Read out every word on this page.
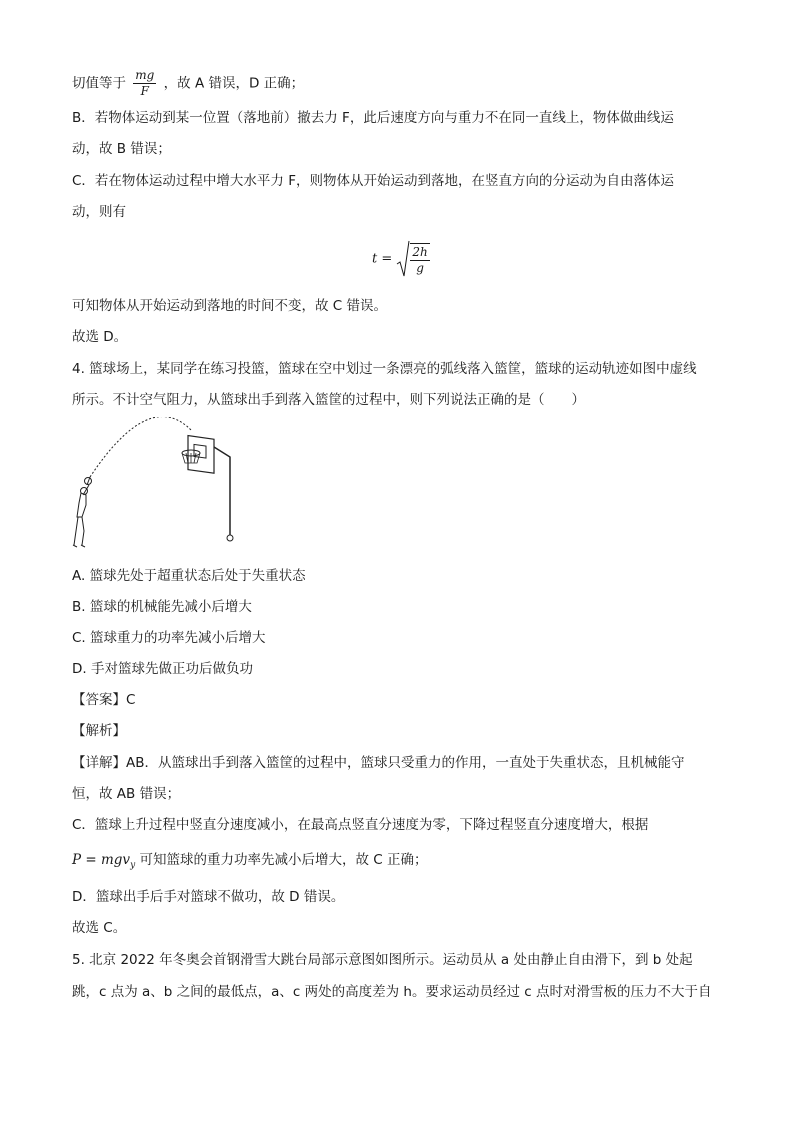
切值等于 $\frac{mg}{F}$ ，故 A 错误，D 正确；
B．若物体运动到某一位置（落地前）撤去力 F，此后速度方向与重力不在同一直线上，物体做曲线运
动，故 B 错误；
C．若在物体运动过程中增大水平力 F，则物体从开始运动到落地，在竖直方向的分运动为自由落体运
动，则有
$t = \frac{2h}{g}$
可知物体从开始运动到落地的时间不变，故 C 错误。
故选 D。
4. 篮球场上，某同学在练习投篮，篮球在空中划过一条漂亮的弧线落入篮筐，篮球的运动轨迹如图中虚线
所示。不计空气阻力，从篮球出手到落入篮筐的过程中，则下列说法正确的是（　　）
A. 篮球先处于超重状态后处于失重状态
B. 篮球的机械能先减小后增大
C. 篮球重力的功率先减小后增大
D. 手对篮球先做正功后做负功
【答案】C
【解析】
【详解】AB．从篮球出手到落入篮筐的过程中，篮球只受重力的作用，一直处于失重状态，且机械能守
恒，故 AB 错误；
C．篮球上升过程中竖直分速度减小，在最高点竖直分速度为零，下降过程竖直分速度增大，根据
P = mgv$_y$ 可知篮球的重力功率先减小后增大，故 C 正确；
D．篮球出手后手对篮球不做功，故 D 错误。
故选 C。
5. 北京 2022 年冬奥会首钢滑雪大跳台局部示意图如图所示。运动员从 a 处由静止自由滑下，到 b 处起
跳，c 点为 a、b 之间的最低点，a、c 两处的高度差为 h。要求运动员经过 c 点时对滑雪板的压力不大于自
